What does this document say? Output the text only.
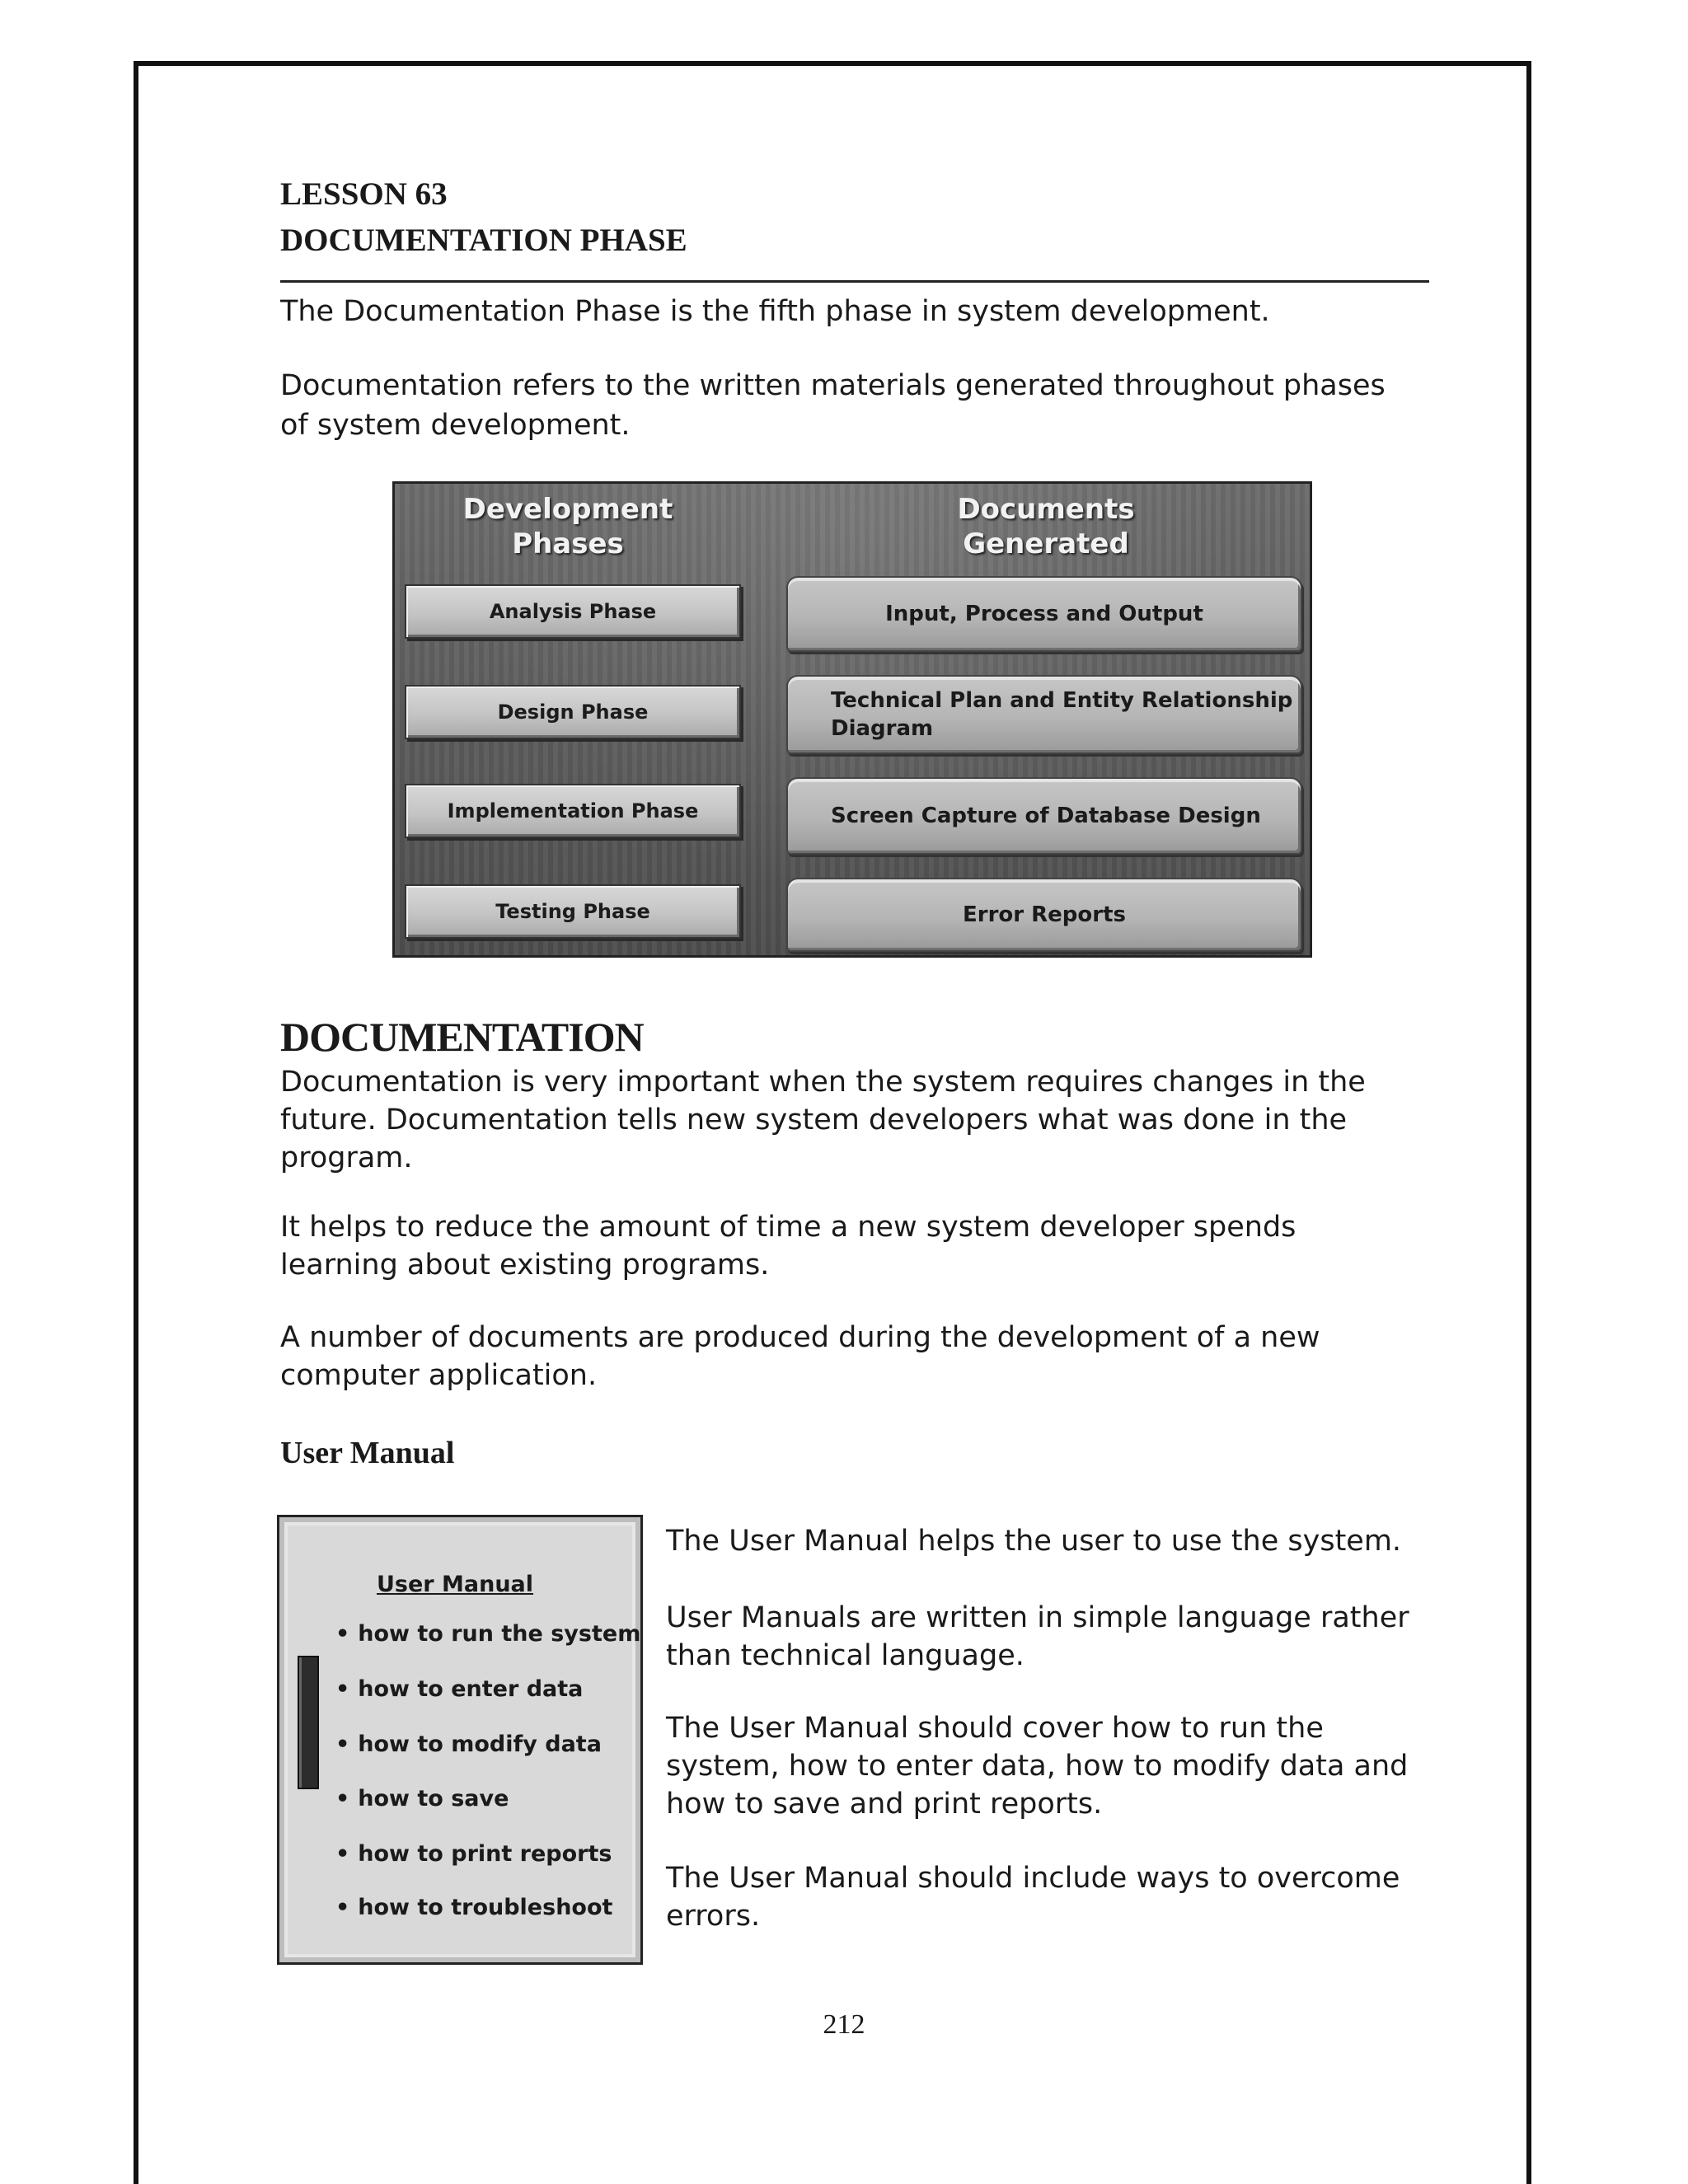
LESSON 63
DOCUMENTATION PHASE
The Documentation Phase is the fifth phase in system development.
Documentation refers to the written materials generated throughout phases
of system development.
Development
Phases
Documents
Generated
Analysis Phase
Design Phase
Implementation Phase
Testing Phase
Input, Process and Output
Technical Plan and Entity Relationship
Diagram
Screen Capture of Database Design
Error Reports
DOCUMENTATION
Documentation is very important when the system requires changes in the
future. Documentation tells new system developers what was done in the
program.
It helps to reduce the amount of time a new system developer spends
learning about existing programs.
A number of documents are produced during the development of a new
computer application.
User Manual
User Manual
• how to run the system
• how to enter data
• how to modify data
• how to save
• how to print reports
• how to troubleshoot
The User Manual helps the user to use the system.
User Manuals are written in simple language rather
than technical language.
The User Manual should cover how to run the
system, how to enter data, how to modify data and
how to save and print reports.
The User Manual should include ways to overcome
errors.
212
